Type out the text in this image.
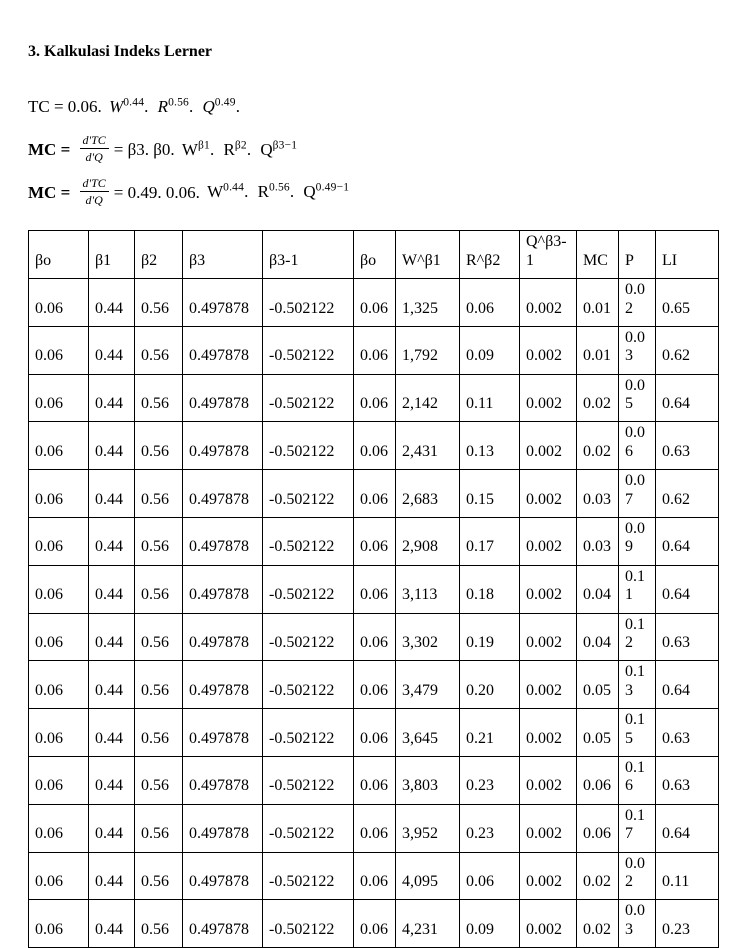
3. Kalkulasi Indeks Lerner

TC = 0.06. $W^{0.44}$. $R^{0.56}$. $Q^{0.49}$.

MC = $\frac{d'TC}{d'Q} = \beta 3$. β0. $W^{\beta 1}$. $R^{\beta 2}$. $Q^{\beta 3-1}$

MC = $\frac{d'TC}{d'Q} = 0.49$. 0.06. $W^{0.44}$. $R^{0.56}$. $Q^{0.49-1}$

βo	β1	β2	β3	β3-1	βo	W^β1	R^β2	Q^β3-1	MC	P	LI
0.06	0.44	0.56	0.497878	-0.502122	0.06	1,325	0.06	0.002	0.01	0.02	0.65
0.06	0.44	0.56	0.497878	-0.502122	0.06	1,792	0.09	0.002	0.01	0.03	0.62
0.06	0.44	0.56	0.497878	-0.502122	0.06	2,142	0.11	0.002	0.02	0.05	0.64
0.06	0.44	0.56	0.497878	-0.502122	0.06	2,431	0.13	0.002	0.02	0.06	0.63
0.06	0.44	0.56	0.497878	-0.502122	0.06	2,683	0.15	0.002	0.03	0.07	0.62
0.06	0.44	0.56	0.497878	-0.502122	0.06	2,908	0.17	0.002	0.03	0.09	0.64
0.06	0.44	0.56	0.497878	-0.502122	0.06	3,113	0.18	0.002	0.04	0.11	0.64
0.06	0.44	0.56	0.497878	-0.502122	0.06	3,302	0.19	0.002	0.04	0.12	0.63
0.06	0.44	0.56	0.497878	-0.502122	0.06	3,479	0.20	0.002	0.05	0.13	0.64
0.06	0.44	0.56	0.497878	-0.502122	0.06	3,645	0.21	0.002	0.05	0.15	0.63
0.06	0.44	0.56	0.497878	-0.502122	0.06	3,803	0.23	0.002	0.06	0.16	0.63
0.06	0.44	0.56	0.497878	-0.502122	0.06	3,952	0.23	0.002	0.06	0.17	0.64
0.06	0.44	0.56	0.497878	-0.502122	0.06	4,095	0.06	0.002	0.02	0.02	0.11
0.06	0.44	0.56	0.497878	-0.502122	0.06	4,231	0.09	0.002	0.02	0.03	0.23
